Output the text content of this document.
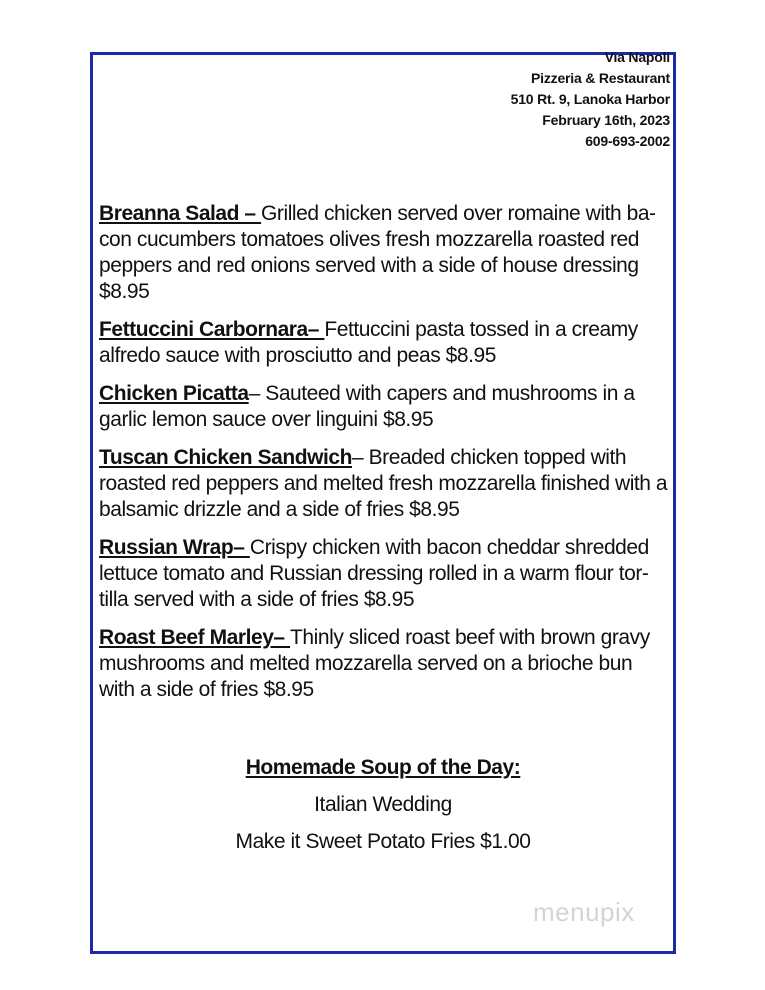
Via Napoli
Pizzeria & Restaurant
510 Rt. 9, Lanoka Harbor
February 16th, 2023
609-693-2002

Breanna Salad – Grilled chicken served over romaine with ba-con cucumbers tomatoes olives fresh mozzarella roasted red peppers and red onions served with a side of house dressing $8.95

Fettuccini Carbornara– Fettuccini pasta tossed in a creamy alfredo sauce with prosciutto and peas $8.95

Chicken Picatta– Sauteed with capers and mushrooms in a garlic lemon sauce over linguini $8.95

Tuscan Chicken Sandwich– Breaded chicken topped with roasted red peppers and melted fresh mozzarella finished with a balsamic drizzle and a side of fries $8.95

Russian Wrap– Crispy chicken with bacon cheddar shredded lettuce tomato and Russian dressing rolled in a warm flour tor-tilla served with a side of fries $8.95

Roast Beef Marley– Thinly sliced roast beef with brown gravy mushrooms and melted mozzarella served on a brioche bun with a side of fries $8.95

Homemade Soup of the Day:
Italian Wedding
Make it Sweet Potato Fries $1.00
menupix
